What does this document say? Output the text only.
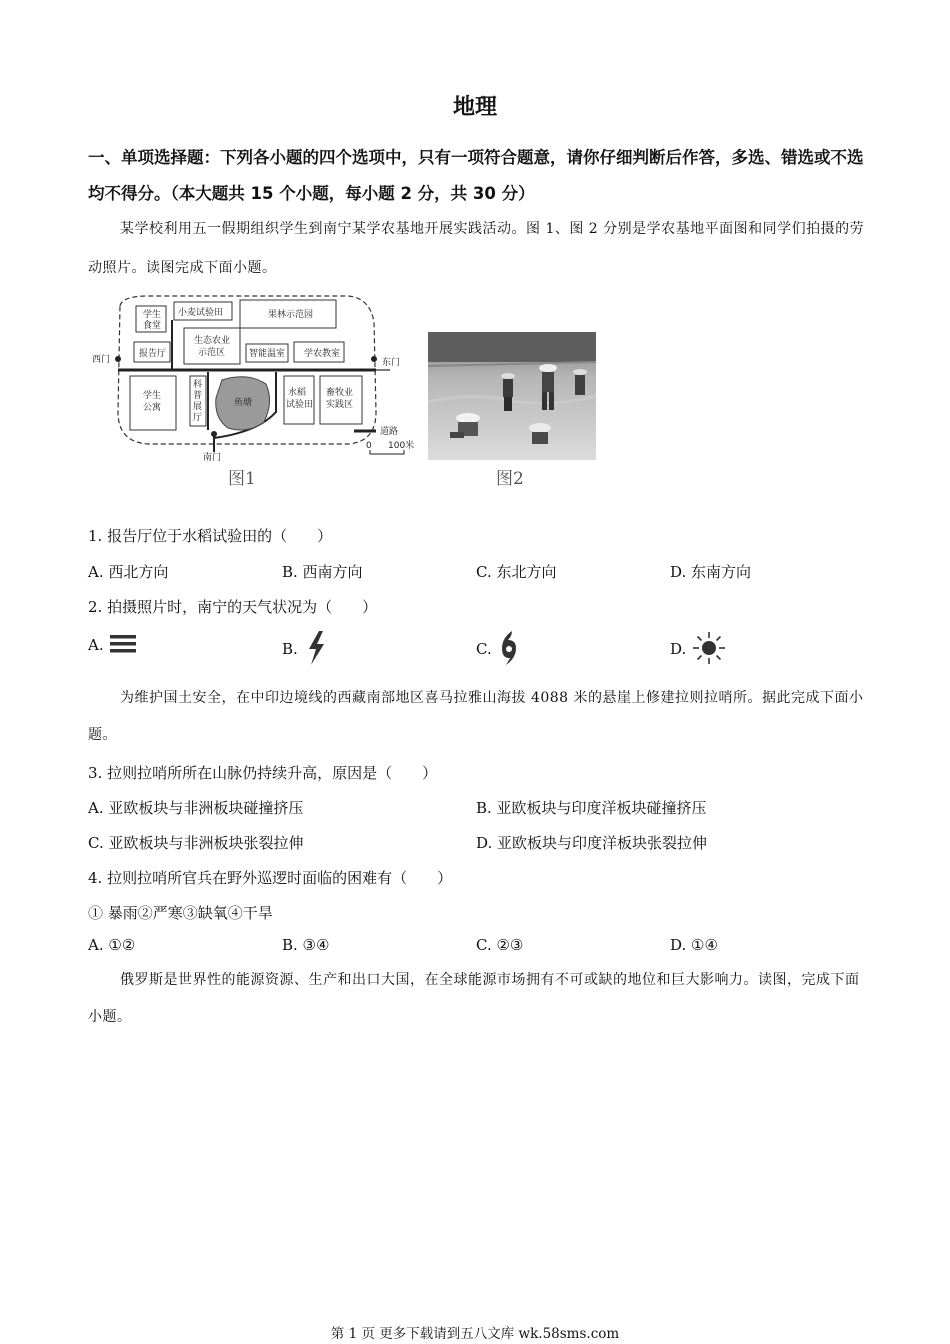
地理
一、单项选择题：下列各小题的四个选项中，只有一项符合题意，请你仔细判断后作答，多选、错选或不选均不得分。（本大题共 15 个小题，每小题 2 分，共 30 分）
某学校利用五一假期组织学生到南宁某学农基地开展实践活动。图 1、图 2 分别是学农基地平面图和同学们拍摄的劳动照片。读图完成下面小题。
学生
食堂
小麦试验田	果林示范园
生态农业
示范区
报告厅	智能温室 学农教室
西门	东门
南门
学生
公寓
科
普
展
厅
鱼塘
水稻
试验田
畜牧业
实践区
道路
0 100米
图1	图2
1. 报告厅位于水稻试验田的（　　）
A. 西北方向	B. 西南方向	C. 东北方向	D. 东南方向
2. 拍摄照片时，南宁的天气状况为（　　）
A.	B.	C.	D.
为维护国土安全，在中印边境线的西藏南部地区喜马拉雅山海拔 4088 米的悬崖上修建拉则拉哨所。据此完成下面小题。
3. 拉则拉哨所所在山脉仍持续升高，原因是（　　）
A. 亚欧板块与非洲板块碰撞挤压	B. 亚欧板块与印度洋板块碰撞挤压
C. 亚欧板块与非洲板块张裂拉伸	D. 亚欧板块与印度洋板块张裂拉伸
4. 拉则拉哨所官兵在野外巡逻时面临的困难有（　　）
① 暴雨②严寒③缺氧④干旱
A. ①②	B. ③④	C. ②③	D. ①④
俄罗斯是世界性的能源资源、生产和出口大国，在全球能源市场拥有不可或缺的地位和巨大影响力。读图，完成下面小题。
第 1 页 更多下载请到五八文库 wk.58sms.com
